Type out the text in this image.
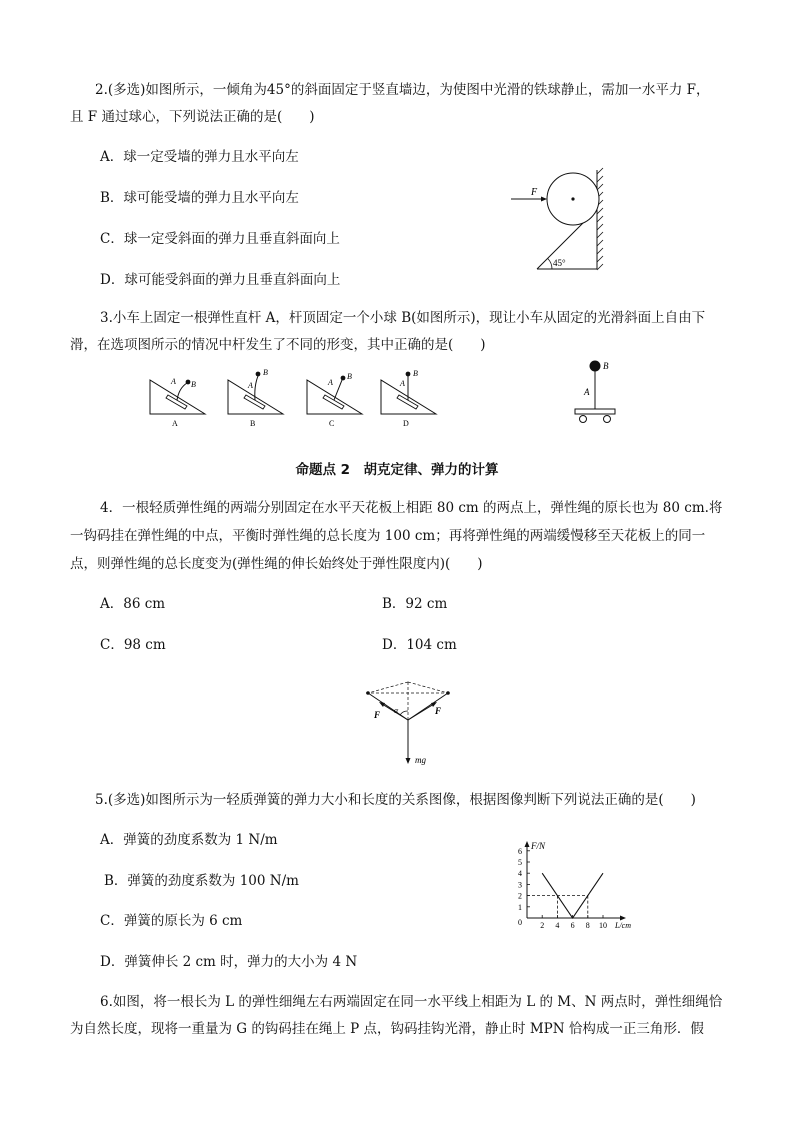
2.(多选)如图所示，一倾角为45°的斜面固定于竖直墙边，为使图中光滑的铁球静止，需加一水平力 F，
且 F 通过球心，下列说法正确的是(　　)
A．球一定受墙的弹力且水平向左
B．球可能受墙的弹力且水平向左
C．球一定受斜面的弹力且垂直斜面向上
D．球可能受斜面的弹力且垂直斜面向上
45°
F
3.小车上固定一根弹性直杆 A，杆顶固定一个小球 B(如图所示)，现让小车从固定的光滑斜面上自由下
滑，在选项图所示的情况中杆发生了不同的形变，其中正确的是(　　)
A B
A
A
B
B
A
B
C
A
B
D
B
A
命题点 2　胡克定律、弹力的计算
4．一根轻质弹性绳的两端分别固定在水平天花板上相距 80 cm 的两点上，弹性绳的原长也为 80 cm.将
一钩码挂在弹性绳的中点，平衡时弹性绳的总长度为 100 cm；再将弹性绳的两端缓慢移至天花板上的同一
点，则弹性绳的总长度变为(弹性绳的伸长始终处于弹性限度内)(　　)
A．86 cm	B．92 cm
C．98 cm	D．104 cm
α
F	F
mg
5.(多选)如图所示为一轻质弹簧的弹力大小和长度的关系图像，根据图像判断下列说法正确的是(　　)
A．弹簧的劲度系数为 1 N/m
B．弹簧的劲度系数为 100 N/m
C．弹簧的原长为 6 cm
D．弹簧伸长 2 cm 时，弹力的大小为 4 N
F/N
L/cm
1
2
3
4
5
6
2 4 6 8 10
0
6.如图，将一根长为 L 的弹性细绳左右两端固定在同一水平线上相距为 L 的 M、N 两点时，弹性细绳恰
为自然长度，现将一重量为 G 的钩码挂在绳上 P 点，钩码挂钩光滑，静止时 MPN 恰构成一正三角形．假
